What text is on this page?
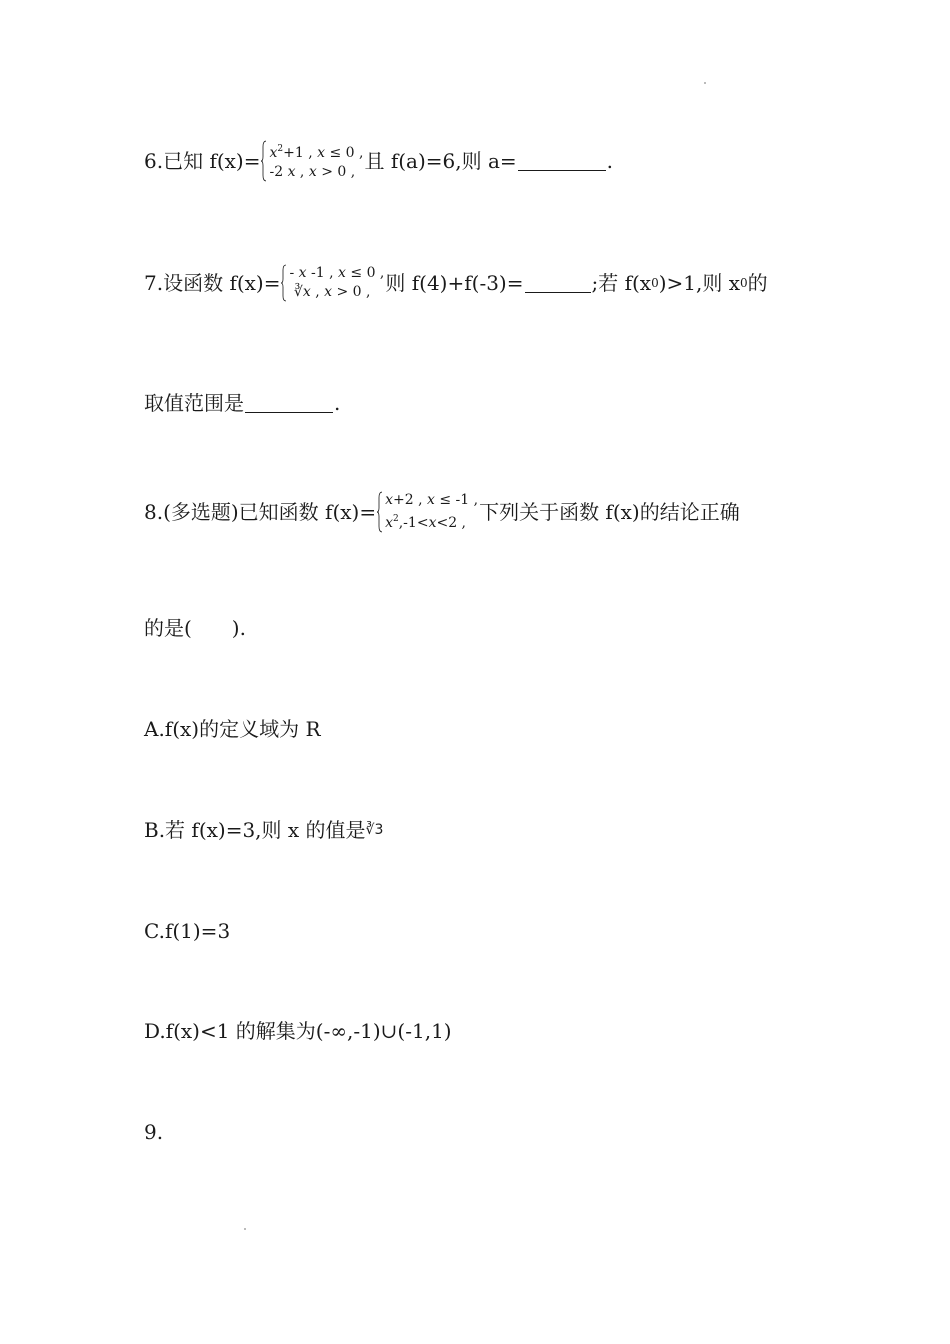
6.已知 $f(x)= x^2+1$ , x ≤ 0 ,
-2 x , x > 0 , 且 f(a)=6,则 a=	.
7.设函数 f(x)= - x -1 , x ≤ 0 ,
∛x , x > 0 , 则 f(4)+f(-3)=	;若 f(x 0 )>1,则 x 0 的
取值范围是	.
8.(多选题)已知函数 f(x)= x+2 , x ≤ -1 ,
$x^2,-1<x<2$ , 下列关于函数 f(x)的结论正确
的是(　　).
A.f(x)的定义域为 R
B.若 f(x)=3,则 x 的值是 ∛3
C.f(1)=3
D.f(x)<1 的解集为(-∞,-1)∪(-1,1)
9.
